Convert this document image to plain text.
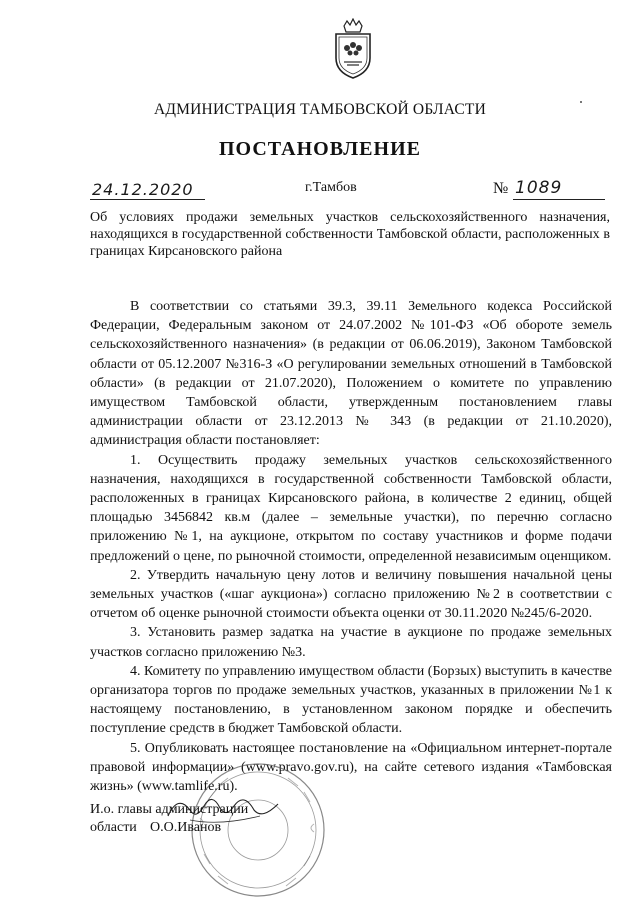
АДМИНИСТРАЦИЯ ТАМБОВСКОЙ ОБЛАСТИ
ПОСТАНОВЛЕНИЕ
24.12.2020	г.Тамбов	№ 1089
Об условиях продажи земельных участков сельскохозяйственного назначения, находящихся в государственной собственности Тамбовской области, расположенных в границах Кирсановского района

В соответствии со статьями 39.3, 39.11 Земельного кодекса Российской Федерации, Федеральным законом от 24.07.2002 №101-ФЗ «Об обороте земель сельскохозяйственного назначения» (в редакции от 06.06.2019), Законом Тамбовской области от 05.12.2007 №316-З «О регулировании земельных отношений в Тамбовской области» (в редакции от 21.07.2020), Положением о комитете по управлению имуществом Тамбовской области, утвержденным постановлением главы администрации области от 23.12.2013 № 343 (в редакции от 21.10.2020), администрация области постановляет:

1. Осуществить продажу земельных участков сельскохозяйственного назначения, находящихся в государственной собственности Тамбовской области, расположенных в границах Кирсановского района, в количестве 2 единиц, общей площадью 3456842 кв.м (далее – земельные участки), по перечню согласно приложению №1, на аукционе, открытом по составу участников и форме подачи предложений о цене, по рыночной стоимости, определенной независимым оценщиком.

2. Утвердить начальную цену лотов и величину повышения начальной цены земельных участков («шаг аукциона») согласно приложению №2 в соответствии с отчетом об оценке рыночной стоимости объекта оценки от 30.11.2020 №245/6-2020.

3. Установить размер задатка на участие в аукционе по продаже земельных участков согласно приложению №3.

4. Комитету по управлению имуществом области (Борзых) выступить в качестве организатора торгов по продаже земельных участков, указанных в приложении №1 к настоящему постановлению, в установленном законом порядке и обеспечить поступление средств в бюджет Тамбовской области.

5. Опубликовать настоящее постановление на «Официальном интернет-портале правовой информации» (www.pravo.gov.ru), на сайте сетевого издания «Тамбовская жизнь» (www.tamlife.ru).

И.о. главы администрации
области О.О.Иванов
